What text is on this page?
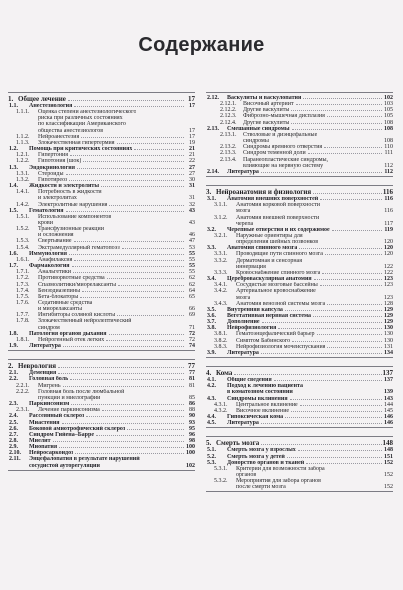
Содержание
1. Общее лечение	17
1.1.	Анестезиология	17
1.1.1.	Оценка степени анестезиологического
риска при различных состояниях
по классификации Американского
общества анестезиологов	17
1.1.2.	Нейроанестезия	17
1.1.3.	Злокачественная гипертермия	19
1.2.	Помощь при критических состояниях	21
1.2.1.	Гипертония	21
1.2.2.	Гипотония (шок)	22
1.3.	Эндокринология	27
1.3.1.	Стероиды	27
1.3.2.	Гипотиреоз	30
1.4.	Жидкости и электролиты	31
1.4.1.	Потребность в жидкости
и электролитах	31
1.4.2.	Электролитные нарушения	32
1.5.	Гематология	43
1.5.1.	Использование компонентов
крови	43
1.5.2.	Трансфузионные реакции
и осложнения	46
1.5.3.	Свертывание	47
1.5.4.	Экстрамедуллярный гематопоэз	53
1.6.	Иммунология	55
1.6.1.	Анафилаксия	55
1.7.	Фармакология	55
1.7.1.	Анальгетики	55
1.7.2.	Противорвотные средства	62
1.7.3.	Спазмолитики/миорелаксанты	62
1.7.4.	Бензодиазепины	64
1.7.5.	Бета-блокаторы	65
1.7.6.	Седативные средства
и миорелаксанты	66
1.7.7.	Ингибиторы соляной кислоты	69
1.7.8.	Злокачественный нейролептический
синдром	71
1.8.	Патология органов дыхания	72
1.8.1.	Нейрогенный отек легких	72
1.9.	Литература	74
2. Неврология	77
2.1.	Деменция	77
2.2.	Головная боль	81
2.2.1.	Мигрень	81
2.2.2.	Головная боль после люмбальной
пункции и миелографии	85
2.3.	Паркинсонизм	86
2.3.1.	Лечение паркинсонизма	88
2.4.	Рассеянный склероз	90
2.5.	Миастения	93
2.6.	Боковой амиотрофический склероз	95
2.7.	Синдром Гийена–Барре	96
2.8.	Миелит	98
2.9.	Миопатия	100
2.10.	Нейросаркоидоз	100
2.11.	Энцефалопатия в результате нарушений
сосудистой ауторегуляции	102
2.12.	Васкулиты и васкулопатии	102
2.12.1.	Височный артериит	103
2.12.2.	Другие васкулиты	105
2.12.3.	Фиброзно-мышечная дисплазия	105
2.12.4.	Другие васкулиты	108
2.13.	Смешанные синдромы	108
2.13.1.	Стволовые и диэнцефальные
синдромы	108
2.13.2.	Синдромы яремного отверстия	110
2.13.3.	Синдром теменной доли	111
2.13.4.	Паранеопластические синдромы,
влияющие на нервную систему	112
2.14.	Литература	112
3. Нейроанатомия и физиология	116
3.1.	Анатомия внешних поверхностей	116
3.1.1.	Анатомия корковой поверхности
мозга	116
3.1.2.	Анатомия внешней поверхности
черепа	117
3.2.	Черепные отверстия и их содержимое	119
3.2.1.	Наружные ориентиры для
определения шейных позвонков	120
3.3.	Анатомия спинного мозга	120
3.3.1.	Проводящие пути спинного мозга	120
3.3.2.	Дерматомная и сенсорная
иннервация	122
3.3.3.	Кровоснабжение спинного мозга	122
3.4.	Цереброваскулярная анатомия	123
3.4.1.	Сосудистые мозговые бассейны	123
3.4.2.	Артериальное кровоснабжение
мозга	123
3.4.3.	Анатомия венозной системы мозга	128
3.5.	Внутренняя капсула	129
3.6.	Вегетативная нервная система	129
3.7.	Дополнение	129
3.8.	Нейрофизиология	130
3.8.1.	Гематоэнцефалический барьер	130
3.8.2.	Симптом Бабинского	130
3.8.3.	Нейрофизиология мочеиспускания	131
3.9.	Литература	134
4. Кома	137
4.1.	Общие сведения	137
4.2.	Подход к лечению пациента
в коматозном состоянии	139
4.3.	Синдромы вклинения	143
4.3.1.	Центральное вклинение	144
4.3.2.	Височное вклинение	145
4.4.	Гипоксическая кома	146
4.5.	Литература	146
5. Смерть мозга	148
5.1.	Смерть мозга у взрослых	148
5.2.	Смерть мозга у детей	151
5.3.	Донорство органов и тканей	152
5.3.1.	Критерии для возможности забора
органов	152
5.3.2.	Мероприятия для забора органов
после смерти мозга	152
